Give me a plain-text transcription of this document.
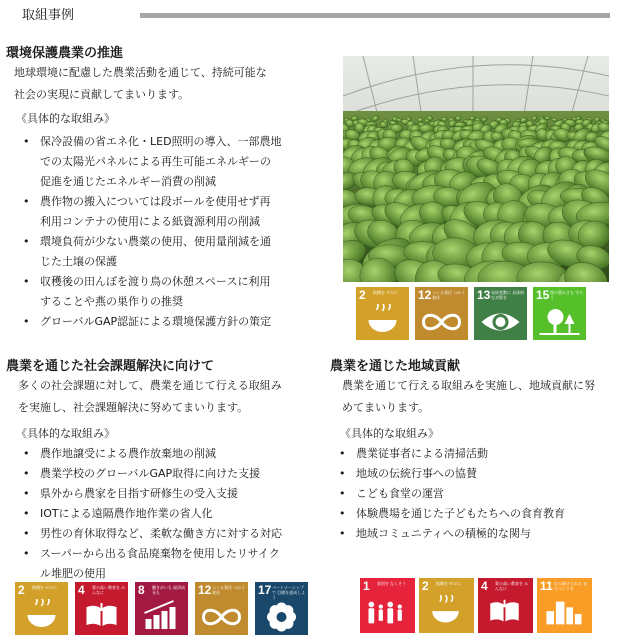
取組事例
環境保護農業の推進
地球環境に配慮した農業活動を通じて、持続可能な
社会の実現に貢献してまいります。
《具体的な取組み》
• 保冷設備の省エネ化・LED照明の導入、一部農地
での太陽光パネルによる再生可能エネルギーの
促進を通じたエネルギー消費の削減
• 農作物の搬入については段ボールを使用せず再
利用コンテナの使用による紙資源利用の削減
• 環境負荷が少ない農薬の使用、使用量削減を通
じた土壌の保護
• 収穫後の田んぼを渡り鳥の休憩スペースに利用
することや燕の巣作りの推奨
• グローバルGAP認証による環境保護方針の策定
2 飢餓を ゼロに	12 つくる責任 つかう責任	13 気候変動に 具体的な対策を	15 陸の豊かさも 守ろう
農業を通じた社会課題解決に向けて
多くの社会課題に対して、農業を通じて行える取組み
を実施し、社会課題解決に努めてまいります。
《具体的な取組み》
• 農作地譲受による農作放棄地の削減
• 農業学校のグローバルGAP取得に向けた支援
• 県外から農家を目指す研修生の受入支援
• IOTによる遠隔農作地作業の省人化
• 男性の育休取得など、柔軟な働き方に対する対応
• スーパーから出る食品廃棄物を使用したリサイク
ル堆肥の使用
2 飢餓を ゼロに	4 質の高い教育を みんなに	8 働きがいも 経済成長も	12 つくる責任 つかう責任	17 パートナーシップで 目標を達成しよう
農業を通じた地域貢献
農業を通じて行える取組みを実施し、地域貢献に努
めてまいります。
《具体的な取組み》
• 農業従事者による清掃活動
• 地域の伝統行事への協賛
• こども食堂の運営
• 体験農場を通じた子どもたちへの食育教育
• 地域コミュニティへの積極的な関与
1 貧困を なくそう	2 飢餓を ゼロに	4 質の高い教育を みんなに	11 住み続けられる まちづくりを
